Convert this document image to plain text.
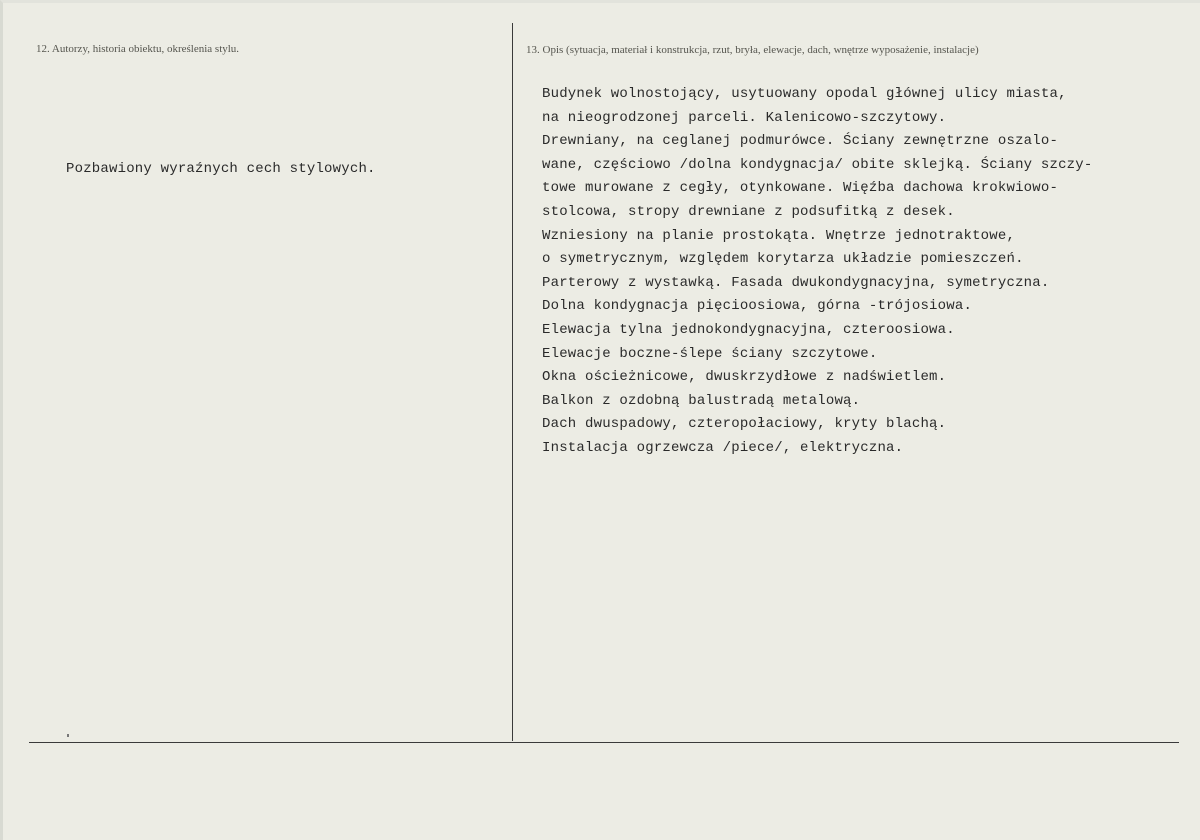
12. Autorzy, historia obiektu, określenia stylu.
Pozbawiony wyraźnych cech stylowych.
13. Opis (sytuacja, materiał i konstrukcja, rzut, bryła, elewacje, dach, wnętrze wyposażenie, instalacje)
Budynek wolnostojący, usytuowany opodal głównej ulicy miasta,
na nieogrodzonej parceli. Kalenicowo-szczytowy.
Drewniany, na ceglanej podmurówce. Ściany zewnętrzne oszalo-
wane, częściowo /dolna kondygnacja/ obite sklejką. Ściany szczy-
towe murowane z cegły, otynkowane. Więźba dachowa krokwiowo-
stolcowa, stropy drewniane z podsufitką z desek.
Wzniesiony na planie prostokąta. Wnętrze jednotraktowe,
o symetrycznym, względem korytarza układzie pomieszczeń.
Parterowy z wystawką. Fasada dwukondygnacyjna, symetryczna.
Dolna kondygnacja pięcioosiowa, górna -trójosiowa.
Elewacja tylna jednokondygnacyjna, czteroosiowa.
Elewacje boczne-ślepe ściany szczytowe.
Okna ościeżnicowe, dwuskrzydłowe z nadświetlem.
Balkon z ozdobną balustradą metalową.
Dach dwuspadowy, czteropołaciowy, kryty blachą.
Instalacja ogrzewcza /piece/, elektryczna.
